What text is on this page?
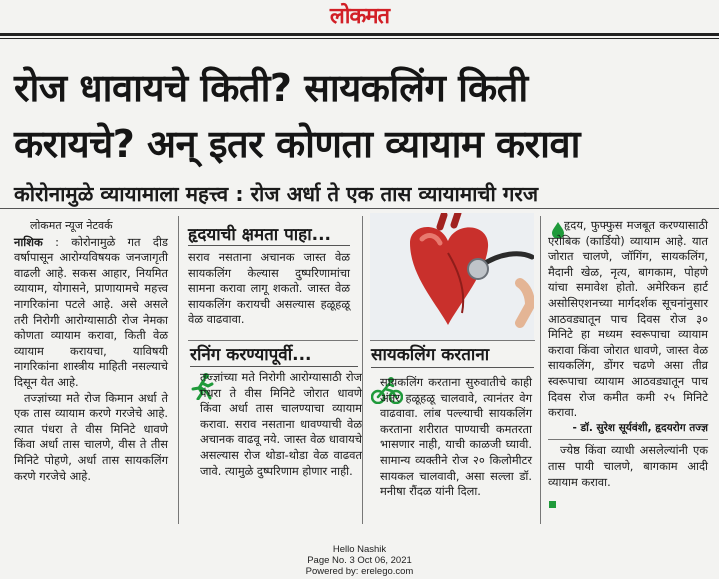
लोकमत
रोज धावायचे किती? सायकलिंग किती
करायचे? अन् इतर कोणता व्यायाम करावा
कोरोनामुळे व्यायामाला महत्त्व : रोज अर्धा ते एक तास व्यायामाची गरज
लोकमत न्यूज नेटवर्क

नाशिक : कोरोनामुळे गत दीड वर्षापासून आरोग्यविषयक जनजागृती वाढली आहे. सकस आहार, नियमित व्यायाम, योगासने, प्राणायामचे महत्त्व नागरिकांना पटले आहे. असे असले तरी निरोगी आरोग्यासाठी रोज नेमका कोणता व्यायाम करावा, किती वेळ व्यायाम करायचा, याविषयी नागरिकांना शास्त्रीय माहिती नसल्याचे दिसून येत आहे.

तज्ज्ञांच्या मते रोज किमान अर्धा ते एक तास व्यायाम करणे गरजेचे आहे. त्यात पंधरा ते वीस मिनिटे धावणे किंवा अर्धा तास चालणे, वीस ते तीस मिनिटे पोहणे, अर्धा तास सायकलिंग करणे गरजेचे आहे.

हृदयाची क्षमता पाहा...
सराव नसताना अचानक जास्त वेळ सायकलिंग केल्यास दुष्परिणामांचा सामना करावा लागू शकतो. जास्त वेळ सायकलिंग करायची असल्यास हळूहळू वेळ वाढवावा.
रनिंग करण्यापूर्वी...
तज्ज्ञांच्या मते निरोगी आरोग्यासाठी रोज पंधरा ते वीस मिनिटे जोरात धावणे किंवा अर्धा तास चालण्याचा व्यायाम करावा. सराव नसताना धावण्याची वेळ अचानक वाढवू नये. जास्त वेळ धावायचे असल्यास रोज थोडा-थोडा वेळ वाढवत जावे. त्यामुळे दुष्परिणाम होणार नाही.
सायकलिंग करताना
सायकलिंग करताना सुरुवातीचे काही अंतर हळूहळू चालवावे, त्यानंतर वेग वाढवावा. लांब पल्ल्याची सायकलिंग करताना शरीरात पाण्याची कमतरता भासणार नाही, याची काळजी घ्यावी. सामान्य व्यक्तीने रोज २० किलोमीटर सायकल चालवावी, असा सल्ला डॉ. मनीषा रौंदळ यांनी दिला.

हृदय, फुफ्फुस मजबूत करण्यासाठी एरोबिक (कार्डियो) व्यायाम आहे. यात जोरात चालणे, जॉगिंग, सायकलिंग, मैदानी खेळ, नृत्य, बागकाम, पोहणे यांचा समावेश होतो. अमेरिकन हार्ट असोसिएशनच्या मार्गदर्शक सूचनांनुसार आठवड्यातून पाच दिवस रोज ३० मिनिटे हा मध्यम स्वरूपाचा व्यायाम करावा किंवा जोरात धावणे, जास्त वेळ सायकलिंग, डोंगर चढणे असा तीव्र स्वरूपाचा व्यायाम आठवड्यातून पाच दिवस रोज कमीत कमी २५ मिनिटे करावा.

- डॉ. सुरेश सूर्यवंशी, हृदयरोग तज्ज्ञ

ज्येष्ठ किंवा व्याधी असलेल्यांनी एक तास पायी चालणे, बागकाम आदी व्यायाम करावा.

Hello Nashik
Page No. 3 Oct 06, 2021
Powered by: erelego.com
